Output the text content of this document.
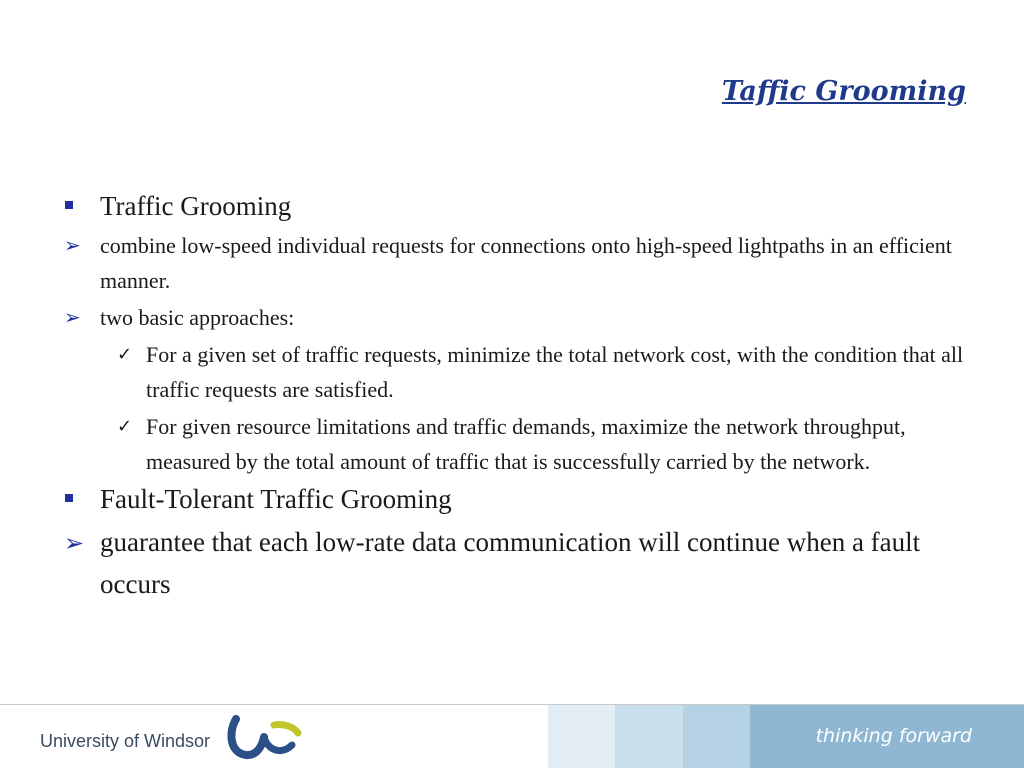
Taffic Grooming
Traffic Grooming
➢ combine low-speed individual requests for connections onto high-speed lightpaths in an efficient manner.
➢ two basic approaches:
✓ For a given set of traffic requests, minimize the total network cost, with the condition that all traffic requests are satisfied.
✓ For given resource limitations and traffic demands, maximize the network throughput, measured by the total amount of traffic that is successfully carried by the network.
Fault-Tolerant Traffic Grooming
➢ guarantee that each low-rate data communication will continue when a fault occurs
University of Windsor	thinking forward
